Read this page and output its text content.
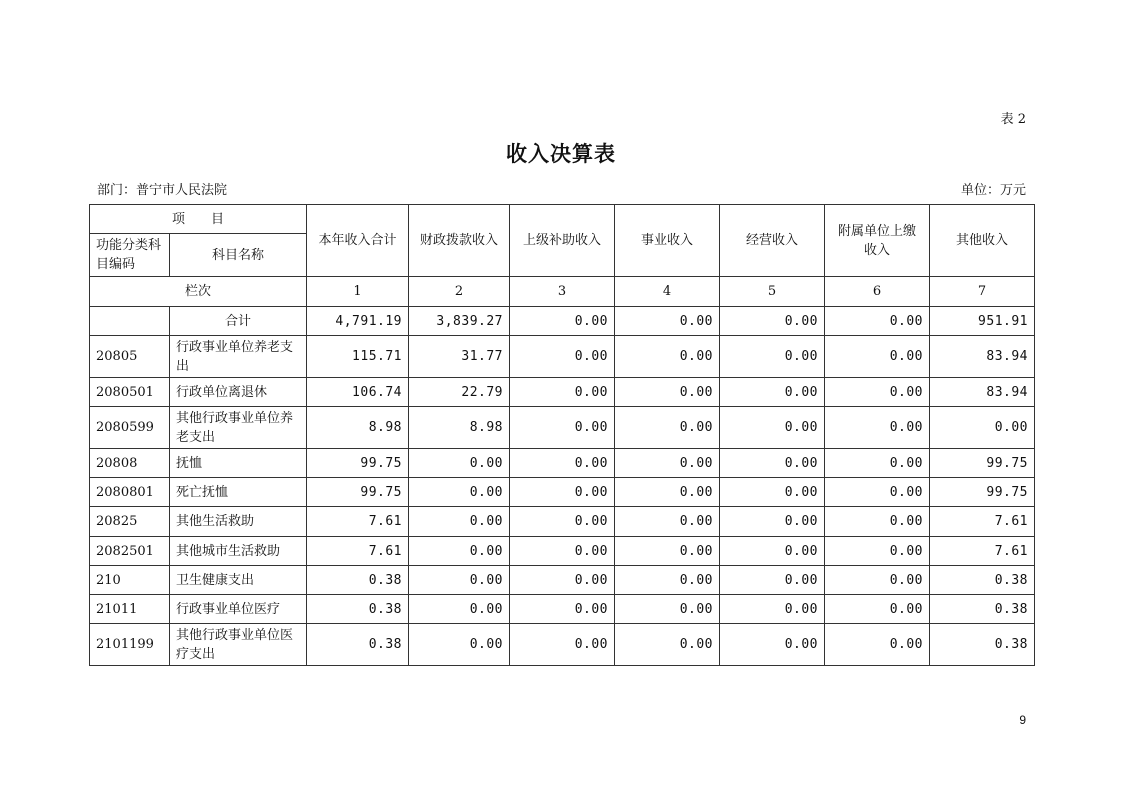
表 2
收入决算表
部门：普宁市人民法院	单位：万元
项　　目		本年收入合计	财政拨款收入	上级补助收入	事业收入	经营收入	附属单位上缴收入	其他收入
功能分类科目编码	科目名称							
栏次		1	2	3	4	5	6	7
	合计	4,791.19	3,839.27	0.00	0.00	0.00	0.00	951.91
20805	行政事业单位养老支出	115.71	31.77	0.00	0.00	0.00	0.00	83.94
2080501	行政单位离退休	106.74	22.79	0.00	0.00	0.00	0.00	83.94
2080599	其他行政事业单位养老支出	8.98	8.98	0.00	0.00	0.00	0.00	0.00
20808	抚恤	99.75	0.00	0.00	0.00	0.00	0.00	99.75
2080801	死亡抚恤	99.75	0.00	0.00	0.00	0.00	0.00	99.75
20825	其他生活救助	7.61	0.00	0.00	0.00	0.00	0.00	7.61
2082501	其他城市生活救助	7.61	0.00	0.00	0.00	0.00	0.00	7.61
210	卫生健康支出	0.38	0.00	0.00	0.00	0.00	0.00	0.38
21011	行政事业单位医疗	0.38	0.00	0.00	0.00	0.00	0.00	0.38
2101199	其他行政事业单位医疗支出	0.38	0.00	0.00	0.00	0.00	0.00	0.38
9
